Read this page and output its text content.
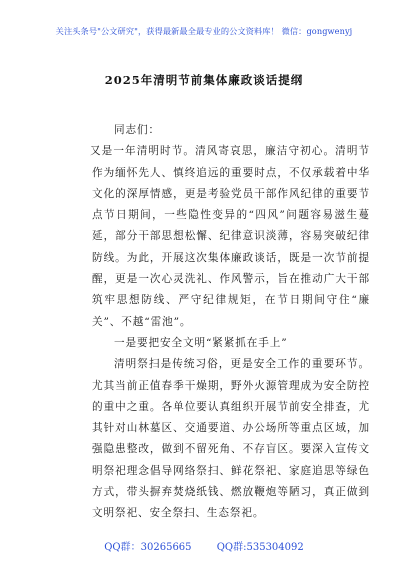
关注头条号"公文研究"，获得最新最全最专业的公文资料库！ 微信：gongwenyj
2025年清明节前集体廉政谈话提纲

同志们：

又是一年清明时节。清风寄哀思，廉洁守初心。清明节作为缅怀先人、慎终追远的重要时点，不仅承载着中华文化的深厚情感，更是考验党员干部作风纪律的重要节点节日期间，一些隐性变异的“四风”问题容易滋生蔓延，部分干部思想松懈、纪律意识淡薄，容易突破纪律防线。为此，开展这次集体廉政谈话，既是一次节前提醒，更是一次心灵洗礼、作风警示，旨在推动广大干部筑牢思想防线、严守纪律规矩，在节日期间守住“廉关”、不越“雷池”。

一是要把安全文明“紧紧抓在手上”

清明祭扫是传统习俗，更是安全工作的重要环节。尤其当前正值春季干燥期，野外火源管理成为安全防控的重中之重。各单位要认真组织开展节前安全排查，尤其针对山林墓区、交通要道、办公场所等重点区域，加强隐患整改，做到不留死角、不存盲区。要深入宣传文明祭祀理念倡导网络祭扫、鲜花祭祀、家庭追思等绿色方式，带头摒弃焚烧纸钱、燃放鞭炮等陋习，真正做到文明祭祀、安全祭扫、生态祭祀。

QQ群：30265665	QQ群:535304092
